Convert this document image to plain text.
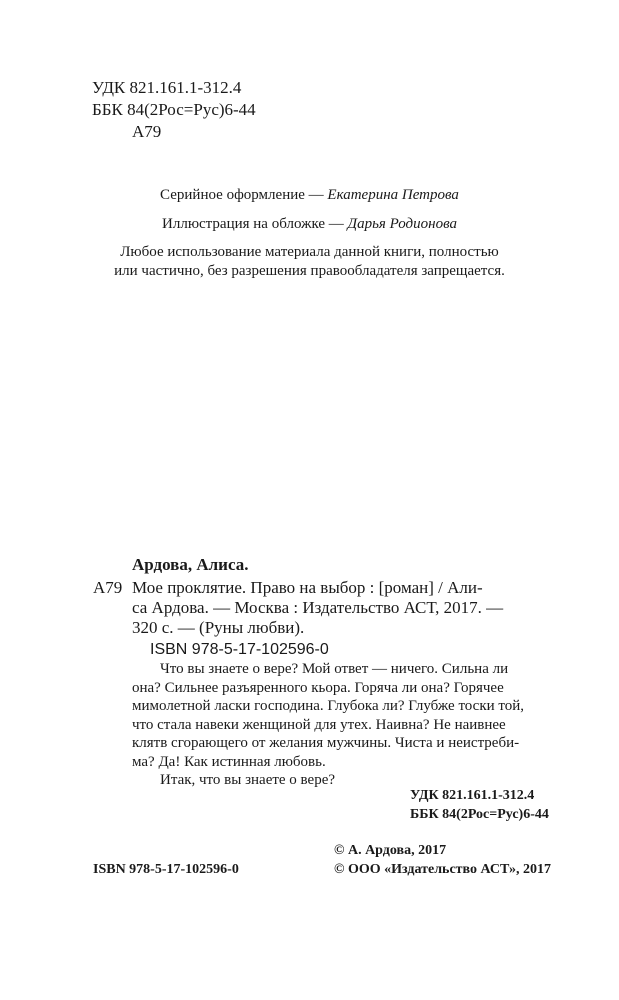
УДК 821.161.1-312.4
ББК 84(2Рос=Рус)6-44
А79
Серийное оформление — Екатерина Петрова
Иллюстрация на обложке — Дарья Родионова
Любое использование материала данной книги, полностью
или частично, без разрешения правообладателя запрещается.
Ардова, Алиса.
А79 Мое проклятие. Право на выбор : [роман] / Али-
са Ардова. — Москва : Издательство АСТ, 2017. —
320 с. — (Руны любви).
ISBN 978-5-17-102596-0
Что вы знаете о вере? Мой ответ — ничего. Сильна ли
она? Сильнее разъяренного кьора. Горяча ли она? Горячее
мимолетной ласки господина. Глубока ли? Глубже тоски той,
что стала навеки женщиной для утех. Наивна? Не наивнее
клятв сгорающего от желания мужчины. Чиста и неистреби-
ма? Да! Как истинная любовь.
Итак, что вы знаете о вере?
УДК 821.161.1-312.4
ББК 84(2Рос=Рус)6-44
© А. Ардова, 2017
ISBN 978-5-17-102596-0	© ООО «Издательство АСТ», 2017
